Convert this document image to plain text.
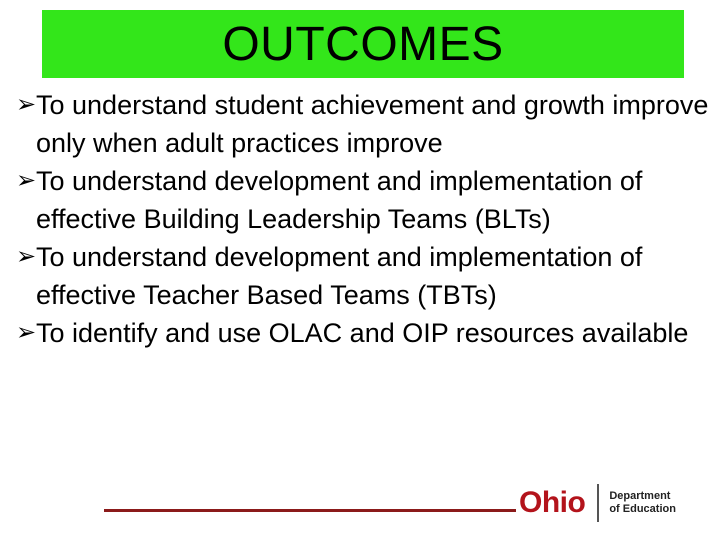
OUTCOMES
➢ To understand student achievement and growth improve only when adult practices improve
➢ To understand development and implementation of effective Building Leadership Teams (BLTs)
➢ To understand development and implementation of effective Teacher Based Teams (TBTs)
➢ To identify and use OLAC and OIP resources available
Ohio Department
of Education
